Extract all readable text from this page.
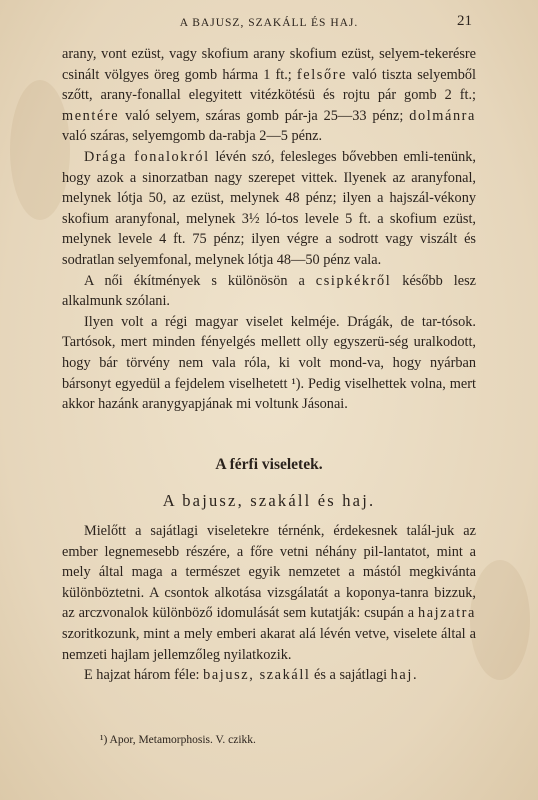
A BAJUSZ, SZAKÁLL ÉS HAJ.	21

arany, vont ezüst, vagy skofium arany skofium ezüst, selyem-tekerésre csinált völgyes öreg gomb hárma 1 ft.; felsőre való tiszta selyemből szőtt, arany-fonallal elegyitett vitézkötésü és rojtu pár gomb 2 ft.; mentére való selyem, száras gomb pár-ja 25—33 pénz; dolmánra való száras, selyemgomb da-rabja 2—5 pénz.

Drága fonalokról lévén szó, felesleges bővebben emli-tenünk, hogy azok a sinorzatban nagy szerepet vittek. Ilyenek az aranyfonal, melynek lótja 50, az ezüst, melynek 48 pénz; ilyen a hajszál-vékony skofium aranyfonal, melynek 3½ ló-tos levele 5 ft. a skofium ezüst, melynek levele 4 ft. 75 pénz; ilyen végre a sodrott vagy viszált és sodratlan selyemfonal, melynek lótja 48—50 pénz vala.

A női ékítmények s különösön a csipkékről később lesz alkalmunk szólani.

Ilyen volt a régi magyar viselet kelméje. Drágák, de tar-tósok. Tartósok, mert minden fényelgés mellett olly egyszerü-ség uralkodott, hogy bár törvény nem vala róla, ki volt mond-va, hogy nyárban bársonyt egyedül a fejdelem viselhetett ¹). Pedig viselhettek volna, mert akkor hazánk aranygyapjának mi voltunk Jásonai.

A férfi viseletek.
A bajusz, szakáll és haj.

Mielőtt a sajátlagi viseletekre térnénk, érdekesnek talál-juk az ember legnemesebb részére, a főre vetni néhány pil-lantatot, mint a mely által maga a természet egyik nemzetet a mástól megkivánta különböztetni. A csontok alkotása vizsgálatát a koponya-tanra bizzuk, az arczvonalok különböző idomulását sem kutatják: csupán a hajzatra szoritkozunk, mint a mely emberi akarat alá lévén vetve, viselete által a nemzeti hajlam jellemzőleg nyilatkozik.

E hajzat három féle: bajusz, szakáll és a sajátlagi haj.

¹) Apor, Metamorphosis. V. czikk.
